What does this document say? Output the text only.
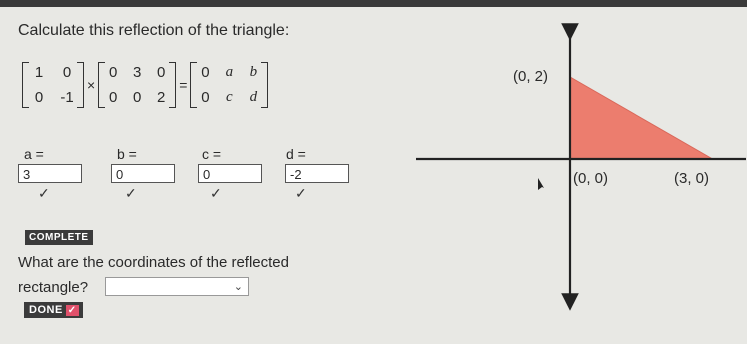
Calculate this reflection of the triangle:
1	0
0	-1
×
0 3 0
0 0 2
=
0 a b
0 c d
a =
3
✓
b =
0
✓
c =
0
✓
d =
-2
✓
COMPLETE
What are the coordinates of the reflected
rectangle?	⌄
DONE ✓
(0, 2)
(0, 0)	(3, 0)
